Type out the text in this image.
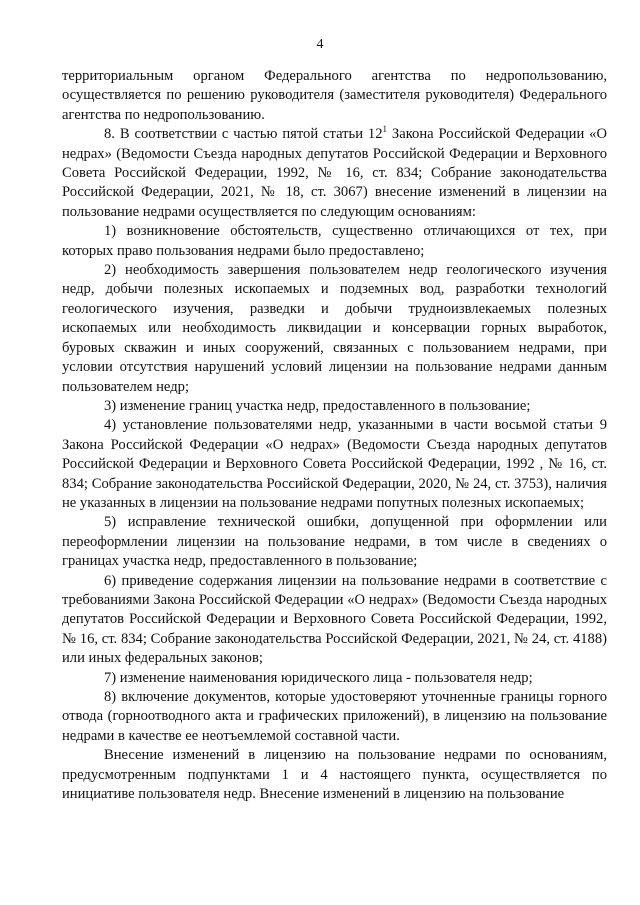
4

территориальным органом Федерального агентства по недропользованию, осуществляется по решению руководителя (заместителя руководителя) Федерального агентства по недропользованию.

8. В соответствии с частью пятой статьи $12^1$ Закона Российской Федерации «О недрах» (Ведомости Съезда народных депутатов Российской Федерации и Верховного Совета Российской Федерации, 1992, № 16, ст. 834; Собрание законодательства Российской Федерации, 2021, № 18, ст. 3067) внесение изменений в лицензии на пользование недрами осуществляется по следующим основаниям:

1) возникновение обстоятельств, существенно отличающихся от тех, при которых право пользования недрами было предоставлено;

2) необходимость завершения пользователем недр геологического изучения недр, добычи полезных ископаемых и подземных вод, разработки технологий геологического изучения, разведки и добычи трудноизвлекаемых полезных ископаемых или необходимость ликвидации и консервации горных выработок, буровых скважин и иных сооружений, связанных с пользованием недрами, при условии отсутствия нарушений условий лицензии на пользование недрами данным пользователем недр;

3) изменение границ участка недр, предоставленного в пользование;

4) установление пользователями недр, указанными в части восьмой статьи 9 Закона Российской Федерации «О недрах» (Ведомости Съезда народных депутатов Российской Федерации и Верховного Совета Российской Федерации, 1992 , № 16, ст. 834; Собрание законодательства Российской Федерации, 2020, № 24, ст. 3753), наличия не указанных в лицензии на пользование недрами попутных полезных ископаемых;

5) исправление технической ошибки, допущенной при оформлении или переоформлении лицензии на пользование недрами, в том числе в сведениях о границах участка недр, предоставленного в пользование;

6) приведение содержания лицензии на пользование недрами в соответствие с требованиями Закона Российской Федерации «О недрах» (Ведомости Съезда народных депутатов Российской Федерации и Верховного Совета Российской Федерации, 1992, № 16, ст. 834; Собрание законодательства Российской Федерации, 2021, № 24, ст. 4188) или иных федеральных законов;

7) изменение наименования юридического лица - пользователя недр;

8) включение документов, которые удостоверяют уточненные границы горного отвода (горноотводного акта и графических приложений), в лицензию на пользование недрами в качестве ее неотъемлемой составной части.

Внесение изменений в лицензию на пользование недрами по основаниям, предусмотренным подпунктами 1 и 4 настоящего пункта, осуществляется по инициативе пользователя недр. Внесение изменений в лицензию на пользование
